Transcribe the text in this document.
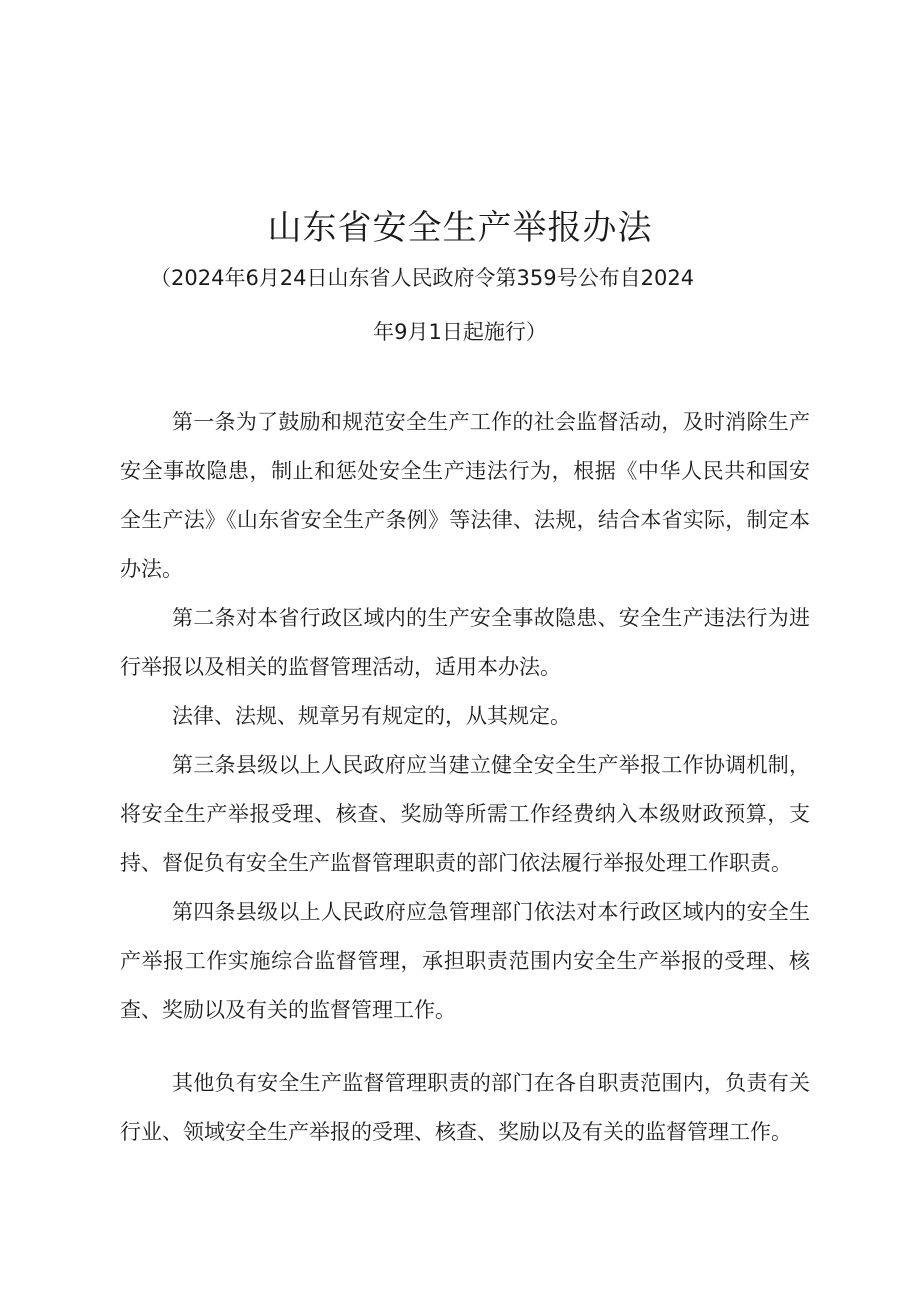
山东省安全生产举报办法
（2024年6月24日山东省人民政府令第359号公布自2024
年9月1日起施行）

第一条为了鼓励和规范安全生产工作的社会监督活动，及时消除生产安全事故隐患，制止和惩处安全生产违法行为，根据《中华人民共和国安全生产法》《山东省安全生产条例》等法律、法规，结合本省实际，制定本办法。

第二条对本省行政区域内的生产安全事故隐患、安全生产违法行为进行举报以及相关的监督管理活动，适用本办法。

法律、法规、规章另有规定的，从其规定。

第三条县级以上人民政府应当建立健全安全生产举报工作协调机制，将安全生产举报受理、核查、奖励等所需工作经费纳入本级财政预算，支持、督促负有安全生产监督管理职责的部门依法履行举报处理工作职责。

第四条县级以上人民政府应急管理部门依法对本行政区域内的安全生产举报工作实施综合监督管理，承担职责范围内安全生产举报的受理、核查、奖励以及有关的监督管理工作。

其他负有安全生产监督管理职责的部门在各自职责范围内，负责有关行业、领域安全生产举报的受理、核查、奖励以及有关的监督管理工作。
